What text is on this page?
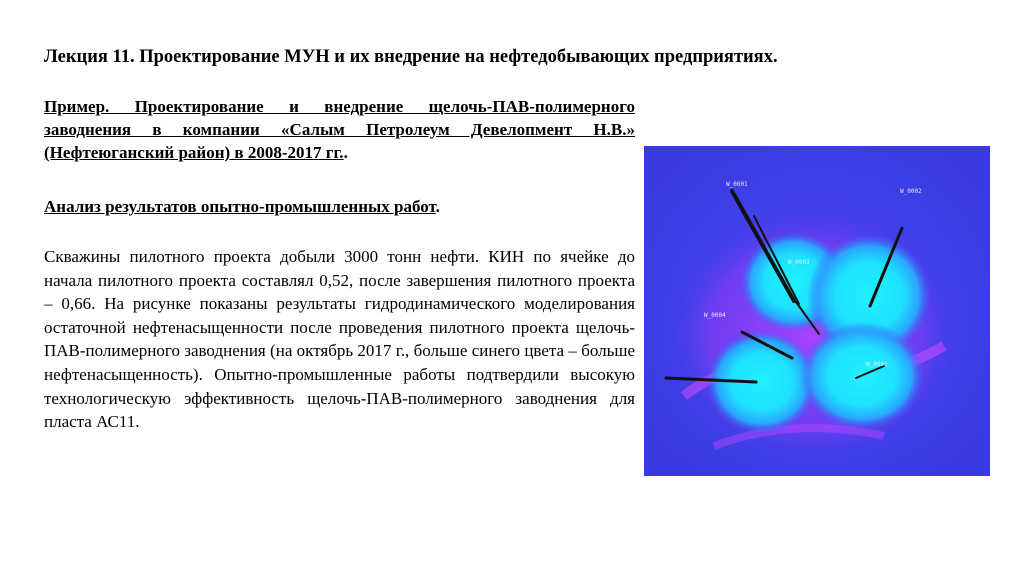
Лекция 11. Проектирование МУН и их внедрение на нефтедобывающих предприятиях.
Пример. Проектирование и внедрение щелочь-ПАВ-полимерного заводнения в компании «Салым Петролеум Девелопмент Н.В.» (Нефтеюганский район) в 2008-2017 гг..
Анализ результатов опытно-промышленных работ.
Скважины пилотного проекта добыли 3000 тонн нефти. КИН по ячейке до начала пилотного проекта составлял 0,52, после завершения пилотного проекта – 0,66. На рисунке показаны результаты гидродинамического моделирования остаточной нефтенасыщенности после проведения пилотного проекта щелочь-ПАВ-полимерного заводнения (на октябрь 2017 г., больше синего цвета – больше нефтенасыщенность). Опытно-промышленные работы подтвердили высокую технологическую эффективность щелочь-ПАВ-полимерного заводнения для пласта АС11.
W_0001
W_0002
W_0003
W_0004
W_0005
